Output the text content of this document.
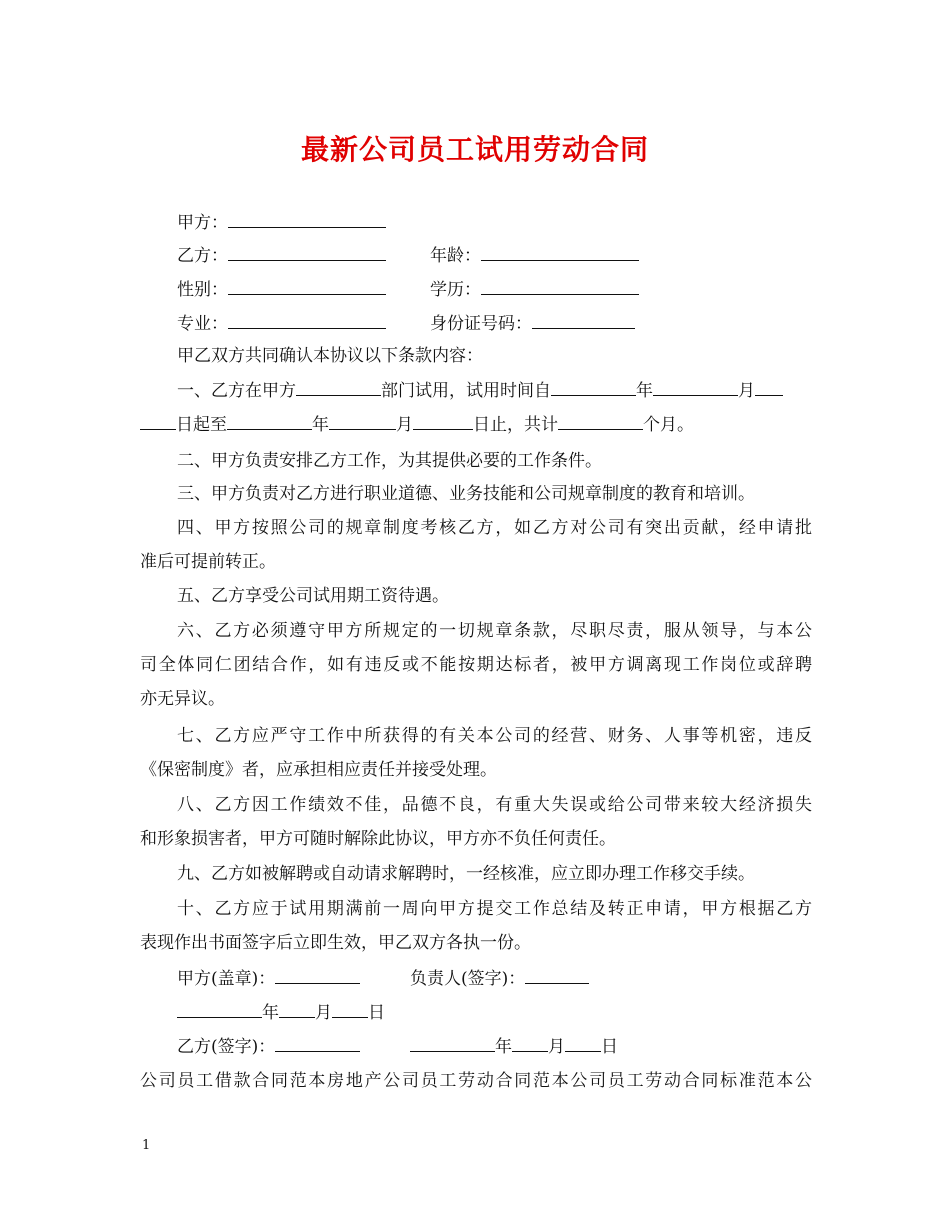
最新公司员工试用劳动合同
甲方：
乙方：	年龄：
性别：	学历：
专业：	身份证号码：
甲乙双方共同确认本协议以下条款内容：
一、乙方在甲方	部门试用，试用时间自	年	月
日起至	年	月	日止，共计	个月。
二、甲方负责安排乙方工作，为其提供必要的工作条件。
三、甲方负责对乙方进行职业道德、业务技能和公司规章制度的教育和培训。
四、甲方按照公司的规章制度考核乙方，如乙方对公司有突出贡献，经申请批
准后可提前转正。
五、乙方享受公司试用期工资待遇。
六、乙方必须遵守甲方所规定的一切规章条款，尽职尽责，服从领导，与本公
司全体同仁团结合作，如有违反或不能按期达标者，被甲方调离现工作岗位或辞聘
亦无异议。
七、乙方应严守工作中所获得的有关本公司的经营、财务、人事等机密，违反
《保密制度》者，应承担相应责任并接受处理。
八、乙方因工作绩效不佳，品德不良，有重大失误或给公司带来较大经济损失
和形象损害者，甲方可随时解除此协议，甲方亦不负任何责任。
九、乙方如被解聘或自动请求解聘时，一经核准，应立即办理工作移交手续。
十、乙方应于试用期满前一周向甲方提交工作总结及转正申请，甲方根据乙方
表现作出书面签字后立即生效，甲乙双方各执一份。
甲方(盖章)：	负责人(签字)：
年 月 日
乙方(签字)：	年 月 日
公司员工借款合同范本房地产公司员工劳动合同范本公司员工劳动合同标准范本公
1
